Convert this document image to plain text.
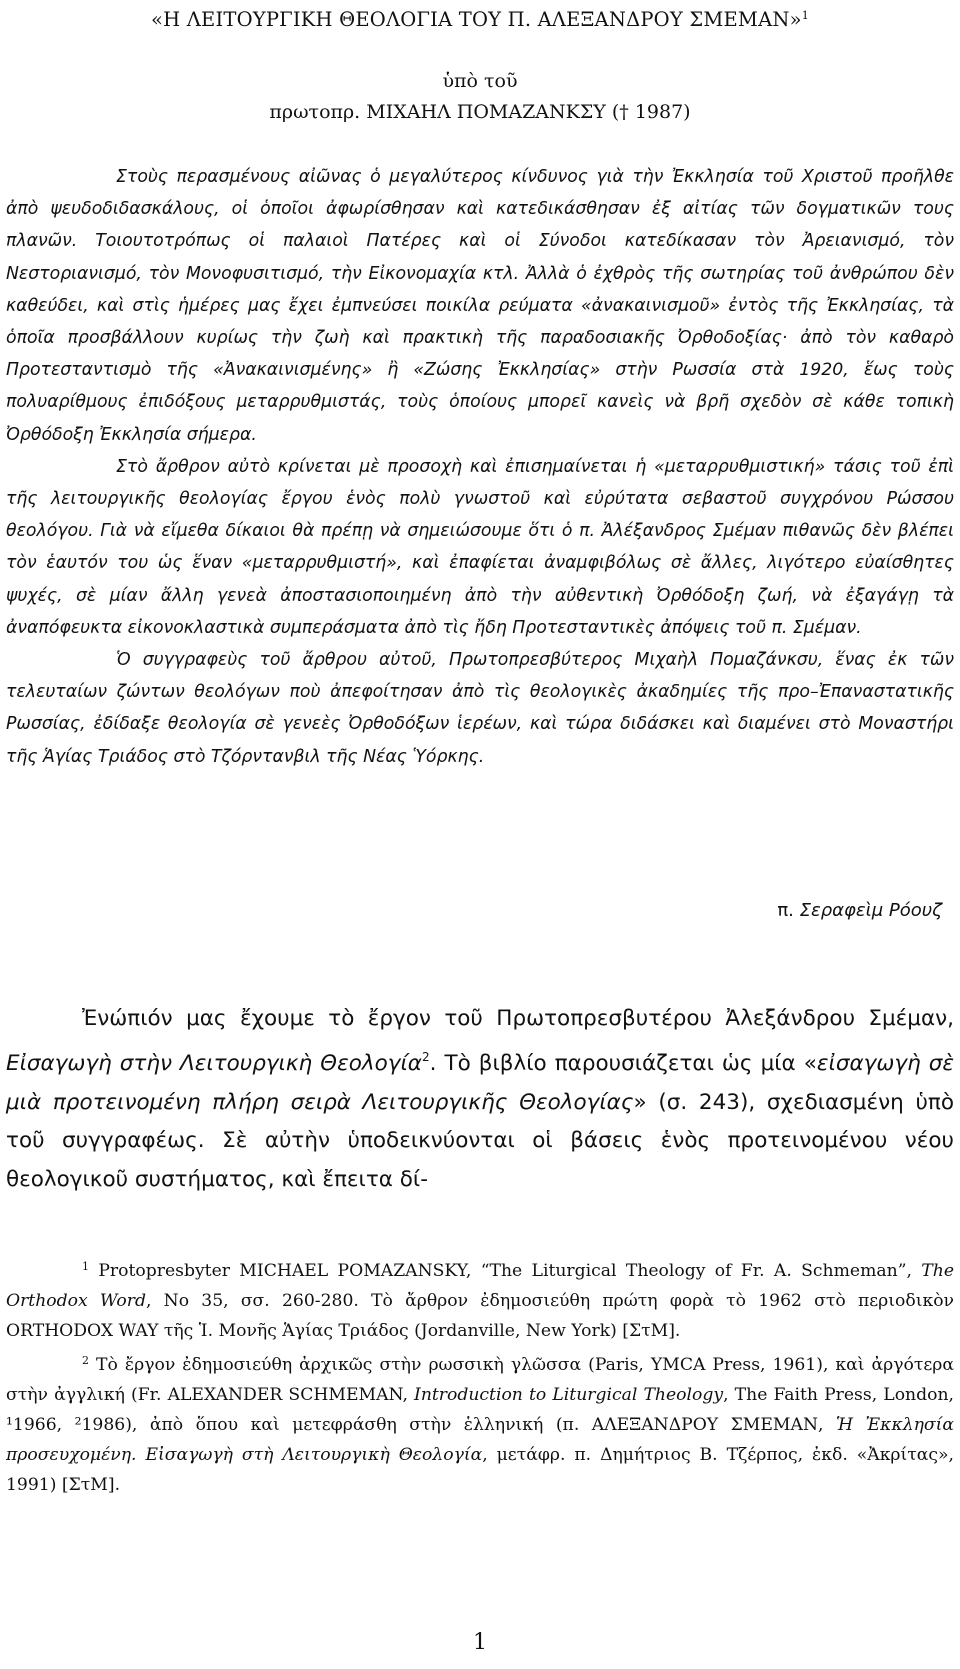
«Η ΛΕΙΤΟΥΡΓΙΚΗ ΘΕΟΛΟΓΙΑ ΤΟΥ Π. ΑΛΕΞΑΝΔΡΟΥ ΣΜΕΜΑΝ»$^1$
ὑπὸ τοῦ
πρωτοπρ. ΜΙΧΑΗΛ ΠΟΜΑΖΑΝΚΣΥ († 1987)

Στοὺς περασμένους αἰῶνας ὁ μεγαλύτερος κίνδυνος γιὰ τὴν Ἐκκλησία τοῦ Χριστοῦ προῆλθε ἀπὸ ψευδοδιδασκάλους, οἱ ὁποῖοι ἀφωρίσθησαν καὶ κατεδικάσθησαν ἐξ αἰτίας τῶν δογματικῶν τους πλανῶν. Τοιουτοτρόπως οἱ παλαιοὶ Πατέρες καὶ οἱ Σύνοδοι κατεδίκασαν τὸν Ἀρειανισμό, τὸν Νεστοριανισμό, τὸν Μονοφυσιτισμό, τὴν Εἰκονομαχία κτλ. Ἀλλὰ ὁ ἐχθρὸς τῆς σωτηρίας τοῦ ἀνθρώπου δὲν καθεύδει, καὶ στὶς ἡμέρες μας ἔχει ἐμπνεύσει ποικίλα ρεύματα «ἀνακαινισμοῦ» ἐντὸς τῆς Ἐκκλησίας, τὰ ὁποῖα προσβάλλουν κυρίως τὴν ζωὴ καὶ πρακτικὴ τῆς παραδοσιακῆς Ὀρθοδοξίας· ἀπὸ τὸν καθαρὸ Προτεσταντισμὸ τῆς «Ἀνακαινισμένης» ἢ «Ζώσης Ἐκκλησίας» στὴν Ρωσσία στὰ 1920, ἕως τοὺς πολυαρίθμους ἐπιδόξους μεταρρυθμιστάς, τοὺς ὁποίους μπορεῖ κανεὶς νὰ βρῆ σχεδὸν σὲ κάθε τοπικὴ Ὀρθόδοξη Ἐκκλησία σήμερα.

Στὸ ἄρθρον αὐτὸ κρίνεται μὲ προσοχὴ καὶ ἐπισημαίνεται ἡ «μεταρρυθμιστική» τάσις τοῦ ἐπὶ τῆς λειτουργικῆς θεολογίας ἔργου ἑνὸς πολὺ γνωστοῦ καὶ εὐρύτατα σεβαστοῦ συγχρόνου Ρώσσου θεολόγου. Γιὰ νὰ εἴμεθα δίκαιοι θὰ πρέπῃ νὰ σημειώσουμε ὅτι ὁ π. Ἀλέξανδρος Σμέμαν πιθανῶς δὲν βλέπει τὸν ἑαυτόν του ὡς ἕναν «μεταρρυθμιστή», καὶ ἐπαφίεται ἀναμφιβόλως σὲ ἄλλες, λιγότερο εὐαίσθητες ψυχές, σὲ μίαν ἄλλη γενεὰ ἀποστασιοποιημένη ἀπὸ τὴν αὐθεντικὴ Ὀρθόδοξη ζωή, νὰ ἐξαγάγῃ τὰ ἀναπόφευκτα εἰκονοκλαστικὰ συμπεράσματα ἀπὸ τὶς ἤδη Προτεσταντικὲς ἀπόψεις τοῦ π. Σμέμαν.

Ὁ συγγραφεὺς τοῦ ἄρθρου αὐτοῦ, Πρωτοπρεσβύτερος Μιχαὴλ Πομαζάνκσυ, ἕνας ἐκ τῶν τελευταίων ζώντων θεολόγων ποὺ ἀπεφοίτησαν ἀπὸ τὶς θεολογικὲς ἀκαδημίες τῆς προ–Ἐπαναστατικῆς Ρωσσίας, ἐδίδαξε θεολογία σὲ γενεὲς Ὀρθοδόξων ἱερέων, καὶ τώρα διδάσκει καὶ διαμένει στὸ Μοναστήρι τῆς Ἁγίας Τριάδος στὸ Τζόρντανβιλ τῆς Νέας Ὑόρκης.

π. Σεραφεὶμ Ρόουζ

Ἐνώπιόν μας ἔχουμε τὸ ἔργον τοῦ Πρωτοπρεσβυτέρου Ἀλεξάνδρου Σμέμαν, Εἰσαγωγὴ στὴν Λειτουργικὴ Θεολογία$^2$. Τὸ βιβλίο παρουσιάζεται ὡς μία «εἰσαγωγὴ σὲ μιὰ προτεινομένη πλήρη σειρὰ Λειτουργικῆς Θεολογίας» (σ. 243), σχεδιασμένη ὑπὸ τοῦ συγγραφέως. Σὲ αὐτὴν ὑποδεικνύονται οἱ βάσεις ἑνὸς προτεινομένου νέου θεολογικοῦ συστήματος, καὶ ἔπειτα δί-

$^1$ Protopresbyter MICHAEL POMAZANSKY, “The Liturgical Theology of Fr. A. Schmeman”, The Orthodox Word, No 35, σσ. 260-280. Τὸ ἄρθρον ἐδημοσιεύθη πρώτη φορὰ τὸ 1962 στὸ περιοδικὸν ORTHODOX WAY τῆς Ἱ. Μονῆς Ἁγίας Τριάδος (Jordanville, New York) [ΣτΜ].

$^2$ Τὸ ἔργον ἐδημοσιεύθη ἀρχικῶς στὴν ρωσσικὴ γλῶσσα (Paris, YMCA Press, 1961), καὶ ἀργότερα στὴν ἀγγλική (Fr. ALEXANDER SCHMEMAN, Introduction to Liturgical Theology, The Faith Press, London, ¹1966, ²1986), ἀπὸ ὅπου καὶ μετεφράσθη στὴν ἑλληνική (π. ΑΛΕΞΑΝΔΡΟΥ ΣΜΕΜΑΝ, Ἡ Ἐκκλησία προσευχομένη. Εἰσαγωγὴ στὴ Λειτουργικὴ Θεολογία, μετάφρ. π. Δημήτριος Β. Τζέρπος, ἐκδ. «Ἀκρίτας», 1991) [ΣτΜ].

1
